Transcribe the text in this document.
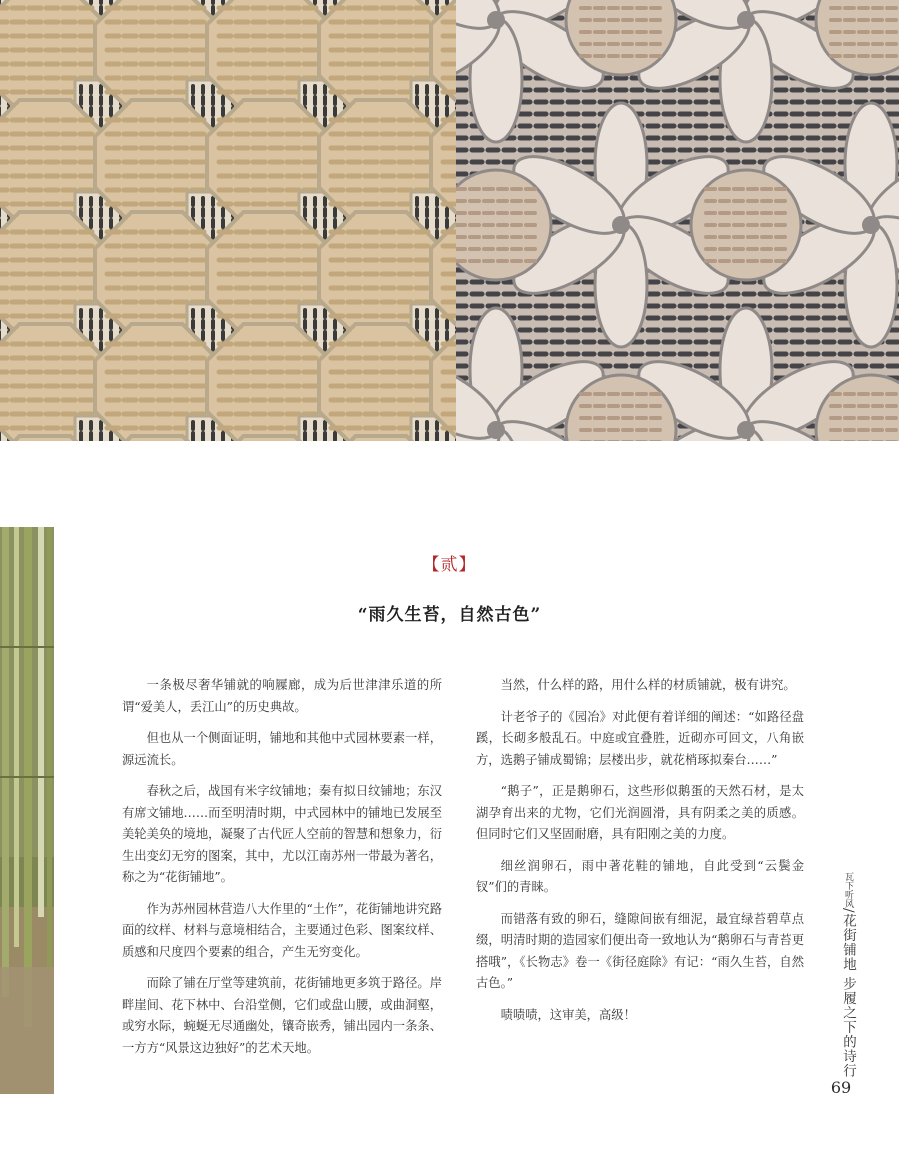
【贰】
“雨久生苔，自然古色”

一条极尽奢华铺就的响屧廊，成为后世津津乐道的所谓“爱美人，丢江山”的历史典故。

但也从一个侧面证明，铺地和其他中式园林要素一样，源远流长。

春秋之后，战国有米字纹铺地；秦有拟日纹铺地；东汉有席文铺地……而至明清时期，中式园林中的铺地已发展至美轮美奂的境地，凝聚了古代匠人空前的智慧和想象力，衍生出变幻无穷的图案，其中，尤以江南苏州一带最为著名，称之为“花街铺地”。

作为苏州园林营造八大作里的“土作”，花街铺地讲究路面的纹样、材料与意境相结合，主要通过色彩、图案纹样、质感和尺度四个要素的组合，产生无穷变化。

而除了铺在厅堂等建筑前，花街铺地更多筑于路径。岸畔崖间、花下林中、台沿堂侧，它们或盘山腰，或曲洞壑，或穷水际，蜿蜒无尽通幽处，镶奇嵌秀，铺出园内一条条、一方方“风景这边独好”的艺术天地。

当然，什么样的路，用什么样的材质铺就，极有讲究。

计老爷子的《园冶》对此便有着详细的阐述：“如路径盘蹊，长砌多般乱石。中庭或宜叠胜，近砌亦可回文，八角嵌方，选鹅子铺成蜀锦；层楼出步，就花梢琢拟秦台……”

“鹅子”，正是鹅卵石，这些形似鹅蛋的天然石材，是太湖孕育出来的尤物，它们光润圆滑，具有阴柔之美的质感。但同时它们又坚固耐磨，具有阳刚之美的力度。

细丝润卵石，雨中著花鞋的铺地，自此受到“云鬓金钗”们的青睐。

而错落有致的卵石，缝隙间嵌有细泥，最宜绿苔碧草点缀，明清时期的造园家们便出奇一致地认为“鹅卵石与青苔更搭哦”，《长物志》卷一《街径庭除》有记：“雨久生苔，自然古色。”

啧啧啧，这审美，高级！

瓦下听风/花街铺地 步履之下的诗行
69
